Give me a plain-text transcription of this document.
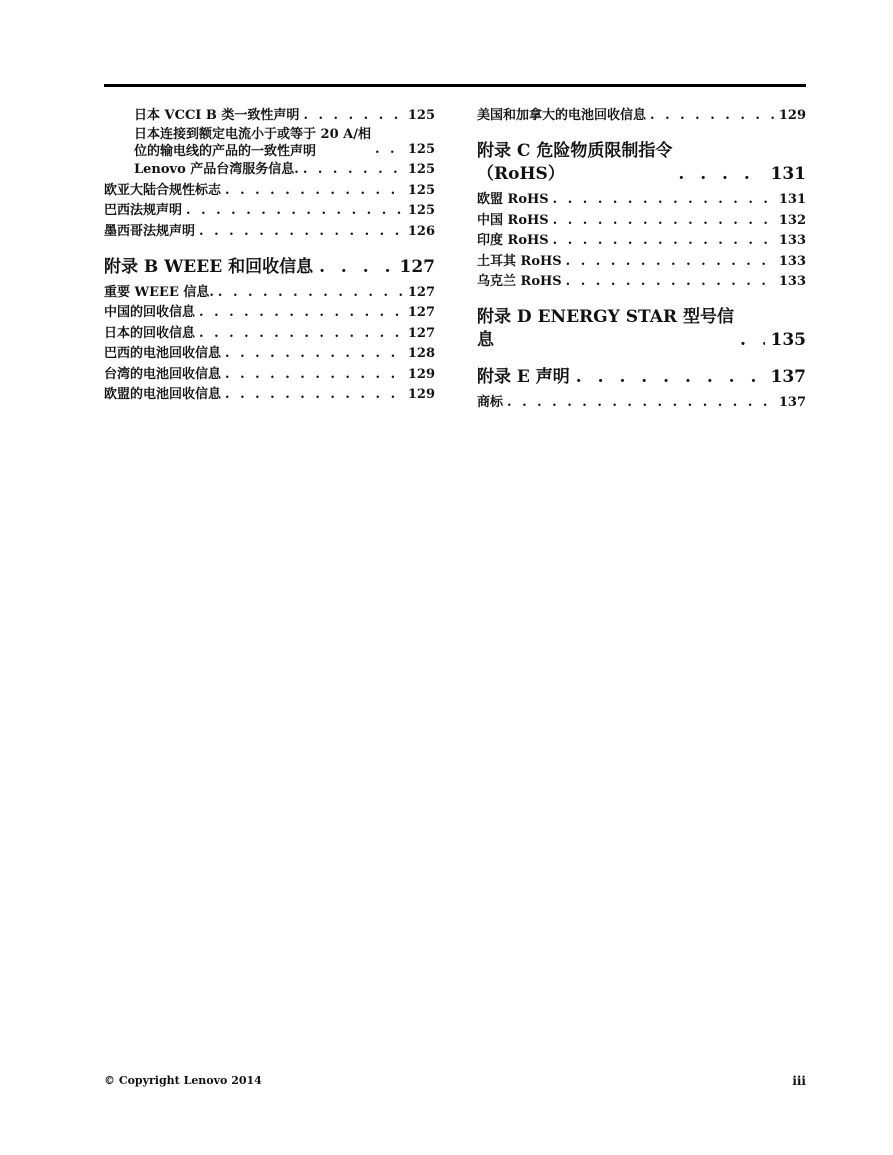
日本 VCCI B 类一致性声明 . . .	125
日本连接到额定电流小于或等于 20 A/相
位的输电线的产品的一致性声明 . . .	125
Lenovo 产品台湾服务信息. . . .	125
欧亚大陆合规性标志 . . .	125
巴西法规声明 . . .	125
墨西哥法规声明 . . .	126
附录 B WEEE 和回收信息 . . .	127
重要 WEEE 信息. . . .	127
中国的回收信息 . . .	127
日本的回收信息 . . .	127
巴西的电池回收信息 . . .	128
台湾的电池回收信息 . . .	129
欧盟的电池回收信息 . . .	129
美国和加拿大的电池回收信息 . . .	129
附录 C 危险物质限制指令
（RoHS） . . .	131
欧盟 RoHS . . .	131
中国 RoHS . . .	132
印度 RoHS . . .	133
土耳其 RoHS . . .	133
乌克兰 RoHS . . .	133
附录 D ENERGY STAR 型号信
息 . . .	135
附录 E 声明 . . .	137
商标 . . .	137
© Copyright Lenovo 2014	iii
